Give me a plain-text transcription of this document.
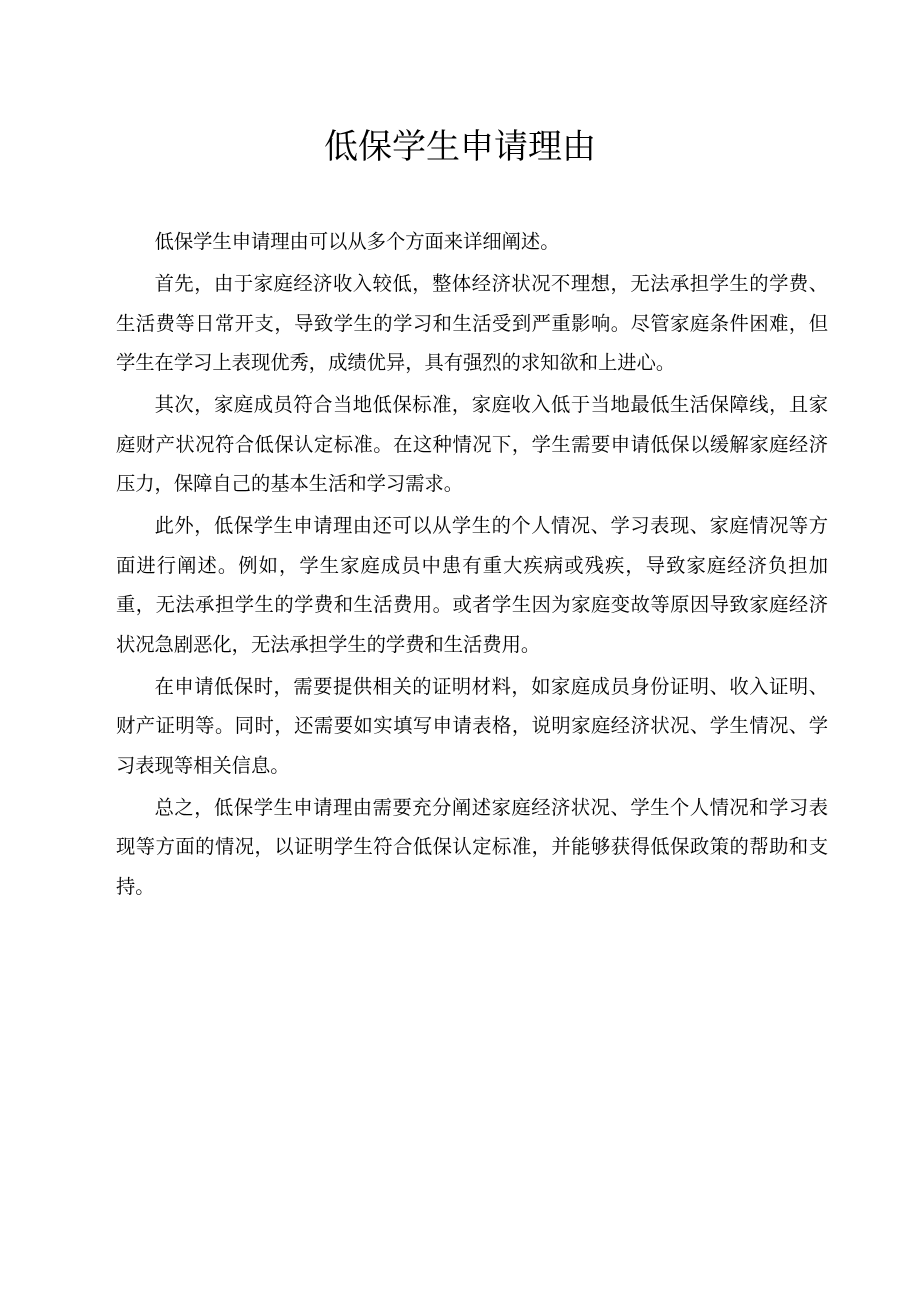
低保学生申请理由

低保学生申请理由可以从多个方面来详细阐述。

首先，由于家庭经济收入较低，整体经济状况不理想，无法承担学生的学费、生活费等日常开支，导致学生的学习和生活受到严重影响。尽管家庭条件困难，但学生在学习上表现优秀，成绩优异，具有强烈的求知欲和上进心。

其次，家庭成员符合当地低保标准，家庭收入低于当地最低生活保障线，且家庭财产状况符合低保认定标准。在这种情况下，学生需要申请低保以缓解家庭经济压力，保障自己的基本生活和学习需求。

此外，低保学生申请理由还可以从学生的个人情况、学习表现、家庭情况等方面进行阐述。例如，学生家庭成员中患有重大疾病或残疾，导致家庭经济负担加重，无法承担学生的学费和生活费用。或者学生因为家庭变故等原因导致家庭经济状况急剧恶化，无法承担学生的学费和生活费用。

在申请低保时，需要提供相关的证明材料，如家庭成员身份证明、收入证明、财产证明等。同时，还需要如实填写申请表格，说明家庭经济状况、学生情况、学习表现等相关信息。

总之，低保学生申请理由需要充分阐述家庭经济状况、学生个人情况和学习表现等方面的情况，以证明学生符合低保认定标准，并能够获得低保政策的帮助和支持。
